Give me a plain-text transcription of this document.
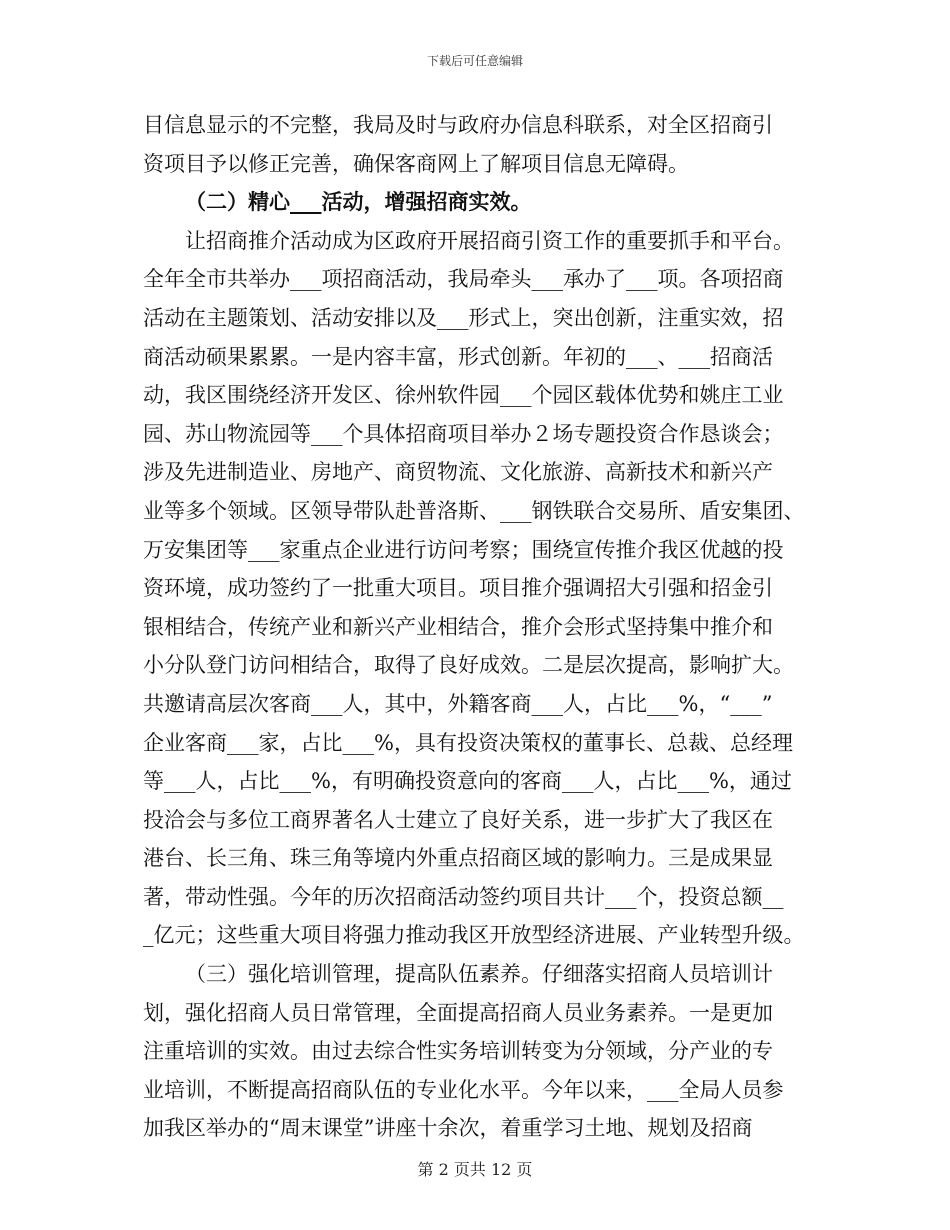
下载后可任意编辑
目信息显示的不完整，我局及时与政府办信息科联系，对全区招商引
资项目予以修正完善，确保客商网上了解项目信息无障碍。
（二）精心___活动，增强招商实效。
让招商推介活动成为区政府开展招商引资工作的重要抓手和平台。
全年全市共举办___项招商活动，我局牵头___承办了___项。各项招商
活动在主题策划、活动安排以及___形式上，突出创新，注重实效，招
商活动硕果累累。一是内容丰富，形式创新。年初的___、___招商活
动，我区围绕经济开发区、徐州软件园___个园区载体优势和姚庄工业
园、苏山物流园等___个具体招商项目举办２场专题投资合作恳谈会；
涉及先进制造业、房地产、商贸物流、文化旅游、高新技术和新兴产
业等多个领域。区领导带队赴普洛斯、___钢铁联合交易所、盾安集团、
万安集团等___家重点企业进行访问考察；围绕宣传推介我区优越的投
资环境，成功签约了一批重大项目。项目推介强调招大引强和招金引
银相结合，传统产业和新兴产业相结合，推介会形式坚持集中推介和
小分队登门访问相结合，取得了良好成效。二是层次提高，影响扩大。
共邀请高层次客商___人，其中，外籍客商___人，占比___%，“___”
企业客商___家，占比___%，具有投资决策权的董事长、总裁、总经理
等___人，占比___%，有明确投资意向的客商___人，占比___%，通过
投洽会与多位工商界著名人士建立了良好关系，进一步扩大了我区在
港台、长三角、珠三角等境内外重点招商区域的影响力。三是成果显
著，带动性强。今年的历次招商活动签约项目共计___个，投资总额__
_亿元；这些重大项目将强力推动我区开放型经济进展、产业转型升级。
（三）强化培训管理，提高队伍素养。仔细落实招商人员培训计
划，强化招商人员日常管理，全面提高招商人员业务素养。一是更加
注重培训的实效。由过去综合性实务培训转变为分领域，分产业的专
业培训，不断提高招商队伍的专业化水平。今年以来，___全局人员参
加我区举办的“周末课堂”讲座十余次，着重学习土地、规划及招商
第 2 页共 12 页
